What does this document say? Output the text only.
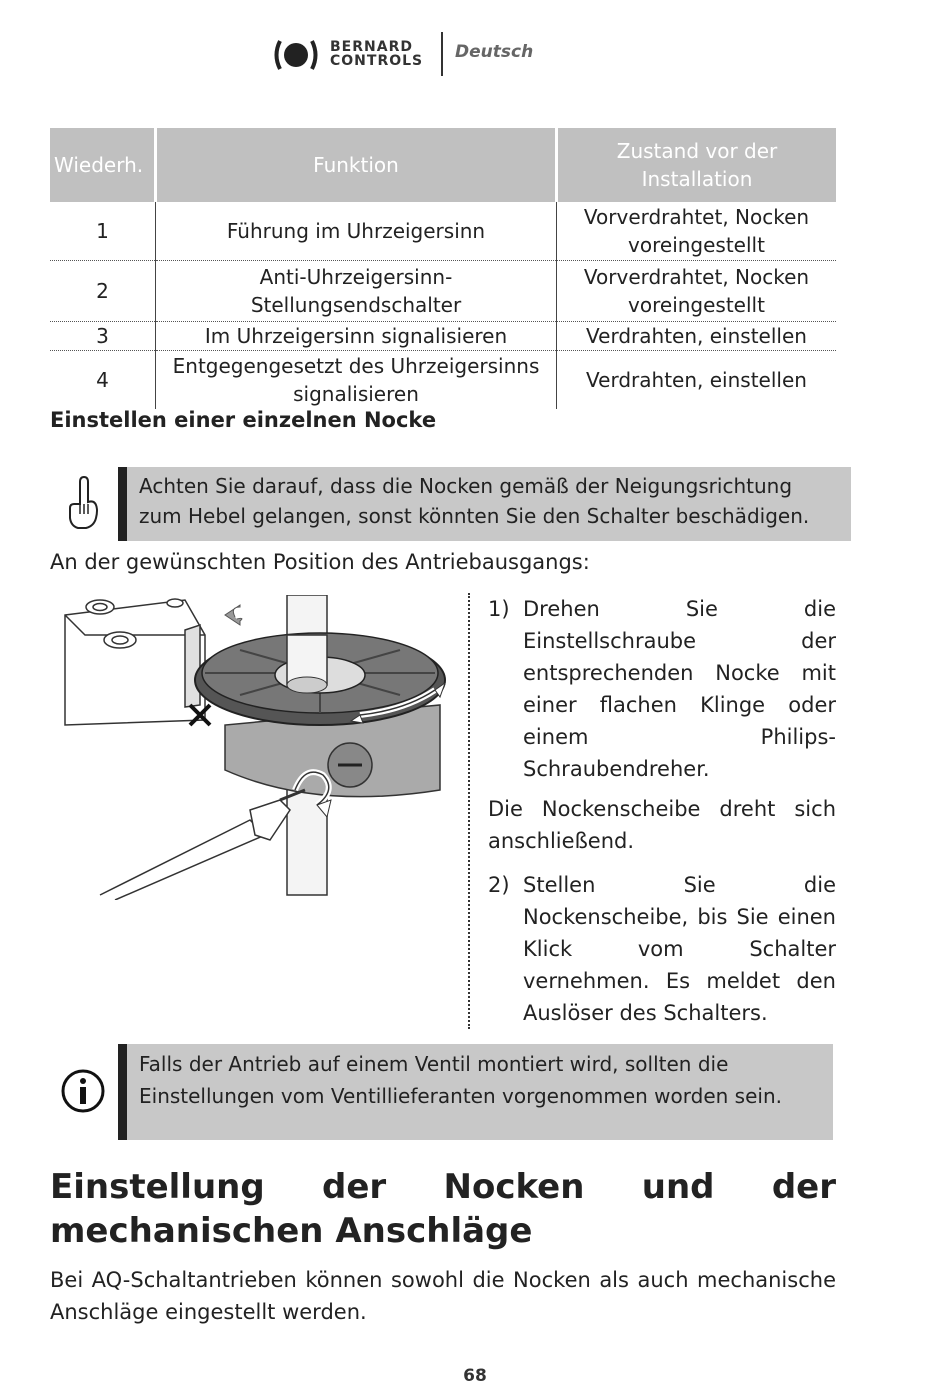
BERNARD
CONTROLS Deutsch
Wiederh.	Funktion	Zustand vor der Installation
1	Führung im Uhrzeigersinn	Vorverdrahtet, Nocken voreingestellt
2	Anti-Uhrzeigersinn-Stellungsendschalter	Vorverdrahtet, Nocken voreingestellt
3	Im Uhrzeigersinn signalisieren	Verdrahten, einstellen
4	Entgegengesetzt des Uhrzeigersinns signalisieren	Verdrahten, einstellen
Einstellen einer einzelnen Nocke
Achten Sie darauf, dass die Nocken gemäß der Neigungsrichtung zum Hebel gelangen, sonst könnten Sie den Schalter beschädigen.
An der gewünschten Position des Antriebausgangs:
1) Drehen Sie die Einstellschraube der entsprechenden Nocke mit einer flachen Klinge oder einem Philips-Schraubendreher.
Die Nockenscheibe dreht sich anschließend.
2) Stellen Sie die Nockenscheibe, bis Sie einen Klick vom Schalter vernehmen. Es meldet den Auslöser des Schalters.
Falls der Antrieb auf einem Ventil montiert wird, sollten die Einstellungen vom Ventillieferanten vorgenommen worden sein.
Einstellung der Nocken und der mechanischen Anschläge
Bei AQ-Schaltantrieben können sowohl die Nocken als auch mechanische Anschläge eingestellt werden.
68
